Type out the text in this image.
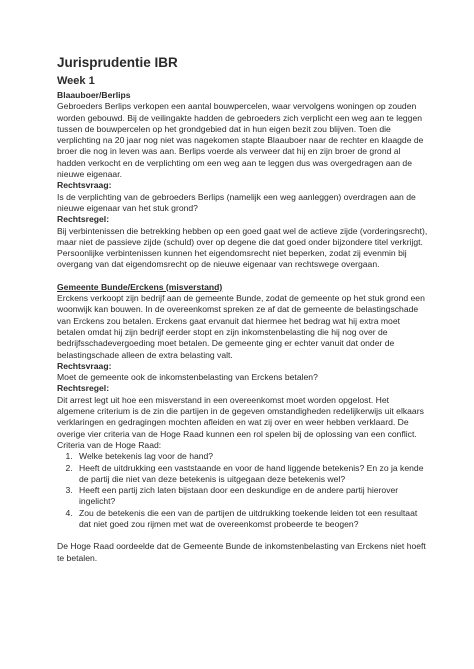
Jurisprudentie IBR

Week 1

Blaauboer/Berlips

Gebroeders Berlips verkopen een aantal bouwpercelen, waar vervolgens woningen op zouden worden gebouwd. Bij de veilingakte hadden de gebroeders zich verplicht een weg aan te leggen tussen de bouwpercelen op het grondgebied dat in hun eigen bezit zou blijven. Toen die verplichting na 20 jaar nog niet was nagekomen stapte Blaauboer naar de rechter en klaagde de broer die nog in leven was aan. Berlips voerde als verweer dat hij en zijn broer de grond al hadden verkocht en de verplichting om een weg aan te leggen dus was overgedragen aan de nieuwe eigenaar.

Rechtsvraag:

Is de verplichting van de gebroeders Berlips (namelijk een weg aanleggen) overdragen aan de nieuwe eigenaar van het stuk grond?

Rechtsregel:

Bij verbintenissen die betrekking hebben op een goed gaat wel de actieve zijde (vorderingsrecht), maar niet de passieve zijde (schuld) over op degene die dat goed onder bijzondere titel verkrijgt.

Persoonlijke verbintenissen kunnen het eigendomsrecht niet beperken, zodat zij evenmin bij overgang van dat eigendomsrecht op de nieuwe eigenaar van rechtswege overgaan.

Gemeente Bunde/Erckens (misverstand)

Erckens verkoopt zijn bedrijf aan de gemeente Bunde, zodat de gemeente op het stuk grond een woonwijk kan bouwen. In de overeenkomst spreken ze af dat de gemeente de belastingschade van Erckens zou betalen. Erckens gaat ervanuit dat hiermee het bedrag wat hij extra moet betalen omdat hij zijn bedrijf eerder stopt en zijn inkomstenbelasting die hij nog over de bedrijfsschadevergoeding moet betalen. De gemeente ging er echter vanuit dat onder de belastingschade alleen de extra belasting valt.

Rechtsvraag:

Moet de gemeente ook de inkomstenbelasting van Erckens betalen?

Rechtsregel:

Dit arrest legt uit hoe een misverstand in een overeenkomst moet worden opgelost. Het algemene criterium is de zin die partijen in de gegeven omstandigheden redelijkerwijs uit elkaars verklaringen en gedragingen mochten afleiden en wat zij over en weer hebben verklaard. De overige vier criteria van de Hoge Raad kunnen een rol spelen bij de oplossing van een conflict.

Criteria van de Hoge Raad:

1. Welke betekenis lag voor de hand?
2. Heeft de uitdrukking een vaststaande en voor de hand liggende betekenis? En zo ja kende de partij die niet van deze betekenis is uitgegaan deze betekenis wel?
3. Heeft een partij zich laten bijstaan door een deskundige en de andere partij hierover ingelicht?
4. Zou de betekenis die een van de partijen de uitdrukking toekende leiden tot een resultaat dat niet goed zou rijmen met wat de overeenkomst probeerde te beogen?

De Hoge Raad oordeelde dat de Gemeente Bunde de inkomstenbelasting van Erckens niet hoeft te betalen.
